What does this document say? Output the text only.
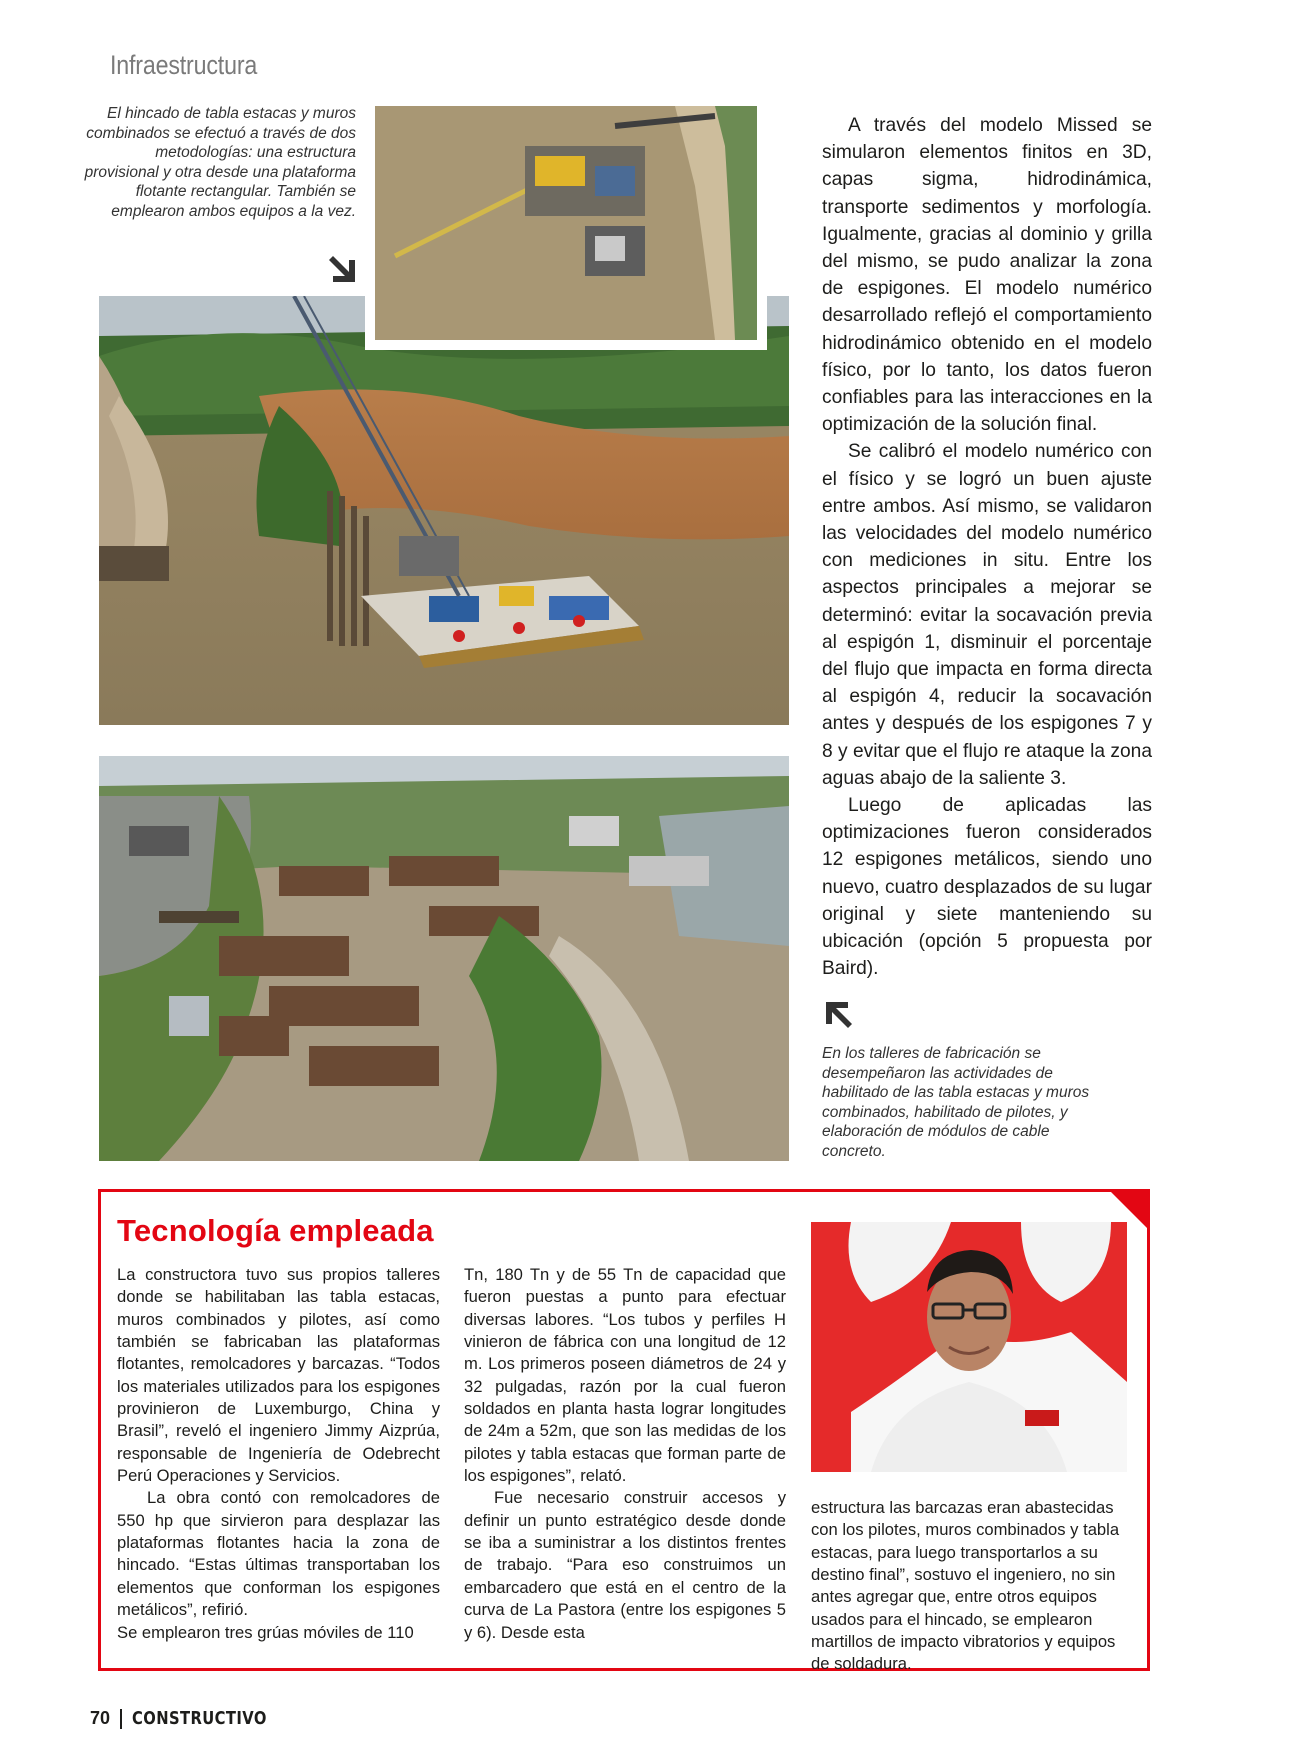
Infraestructura
El hincado de tabla estacas y muros combinados se efectuó a través de dos metodologías: una estructura provisional y otra desde una plataforma flotante rectangular. También se emplearon ambos equipos a la vez.

A través del modelo Missed se simularon elementos finitos en 3D, capas sigma, hidrodinámica, transporte sedimentos y morfología. Igualmente, gracias al dominio y grilla del mismo, se pudo analizar la zona de espigones. El modelo numérico desarrollado reflejó el comportamiento hidrodinámico obtenido en el modelo físico, por lo tanto, los datos fueron confiables para las interacciones en la optimización de la solución final.

Se calibró el modelo numérico con el físico y se logró un buen ajuste entre ambos. Así mismo, se validaron las velocidades del modelo numérico con mediciones in situ. Entre los aspectos principales a mejorar se determinó: evitar la socavación previa al espigón 1, disminuir el porcentaje del flujo que impacta en forma directa al espigón 4, reducir la socavación antes y después de los espigones 7 y 8 y evitar que el flujo re ataque la zona aguas abajo de la saliente 3.

Luego de aplicadas las optimizaciones fueron considerados 12 espigones metálicos, siendo uno nuevo, cuatro desplazados de su lugar original y siete manteniendo su ubicación (opción 5 propuesta por Baird).

En los talleres de fabricación se desempeñaron las actividades de habilitado de las tabla estacas y muros combinados, habilitado de pilotes, y elaboración de módulos de cable concreto.
Tecnología empleada

La constructora tuvo sus propios talleres donde se habilitaban las tabla estacas, muros combinados y pilotes, así como también se fabricaban las plataformas flotantes, remolcadores y barcazas. “Todos los materiales utilizados para los espigones provinieron de Luxemburgo, China y Brasil”, reveló el ingeniero Jimmy Aizprúa, responsable de Ingeniería de Odebrecht Perú Operaciones y Servicios.

La obra contó con remolcadores de 550 hp que sirvieron para desplazar las plataformas flotantes hacia la zona de hincado. “Estas últimas transportaban los elementos que conforman los espigones metálicos”, refirió.

Se emplearon tres grúas móviles de 110

Tn, 180 Tn y de 55 Tn de capacidad que fueron puestas a punto para efectuar diversas labores. “Los tubos y perfiles H vinieron de fábrica con una longitud de 12 m. Los primeros poseen diámetros de 24 y 32 pulgadas, razón por la cual fueron soldados en planta hasta lograr longitudes de 24m a 52m, que son las medidas de los pilotes y tabla estacas que forman parte de los espigones”, relató.

Fue necesario construir accesos y definir un punto estratégico desde donde se iba a suministrar a los distintos frentes de trabajo. “Para eso construimos un embarcadero que está en el centro de la curva de La Pastora (entre los espigones 5 y 6). Desde esta

estructura las barcazas eran abastecidas con los pilotes, muros combinados y tabla estacas, para luego transportarlos a su destino final”, sostuvo el ingeniero, no sin antes agregar que, entre otros equipos usados para el hincado, se emplearon martillos de impacto vibratorios y equipos de soldadura.

70 CONSTRUCTIVO
